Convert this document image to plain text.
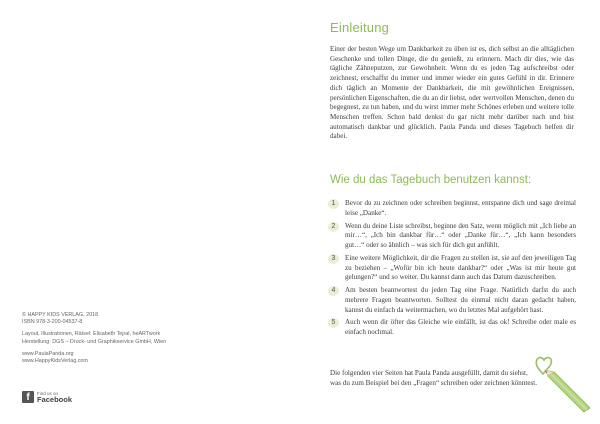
© HAPPY KIDS VERLAG, 2018

ISBN 978-3-200-04537-8

Layout, Illustrationen, Rätsel: Elisabeth Tejral, heARTwork

Herstellung: DGS – Druck- und Graphikservice GmbH, Wien

www.PaulaPanda.org

www.HappyKidsVerlag.com

f	Find us on
Facebook
Einleitung

Einer der besten Wege um Dankbarkeit zu üben ist es, dich selbst an die alltäglichen Geschenke und tollen Dinge, die du genießt, zu erinnern. Mach dir dies, wie das tägliche Zähneputzen, zur Gewohnheit. Wenn du es jeden Tag aufschreibst oder zeichnest, erschaffst du immer und immer wieder ein gutes Gefühl in dir. Erinnere dich täglich an Momente der Dankbarkeit, die mit gewöhnlichen Ereignissen, persönlichen Eigenschaften, die du an dir liebst, oder wertvollen Menschen, denen du begegnest, zu tun haben, und du wirst immer mehr Schönes erleben und weitere tolle Menschen treffen. Schon bald denkst du gar nicht mehr darüber nach und bist automatisch dankbar und glücklich. Paula Panda und dieses Tagebuch helfen dir dabei.

Wie du das Tagebuch benutzen kannst:
1	Bevor du zu zeichnen oder schreiben beginnst, entspanne dich und sage dreimal leise „Danke“.
2	Wenn du deine Liste schreibst, beginne den Satz, wenn möglich mit „Ich liebe an mir…“, „Ich bin dankbar für…“ oder „Danke für…“, „Ich kann besonders gut…“ oder so ähnlich – was sich für dich gut anfühlt.
3	Eine weitere Möglichkeit, dir die Fragen zu stellen ist, sie auf den jeweiligen Tag zu beziehen – „Wofür bin ich heute dankbar?“ oder „Was ist mir heute gut gelungen?“ und so weiter. Du kannst dann auch das Datum dazuschreiben.
4	Am besten beantwortest du jeden Tag eine Frage. Natürlich darfst du auch mehrere Fragen beantworten. Solltest du einmal nicht daran gedacht haben, kannst du einfach da weitermachen, wo du letztes Mal aufgehört hast.
5	Auch wenn dir öfter das Gleiche wie einfällt, ist das ok! Schreibe oder male es einfach nochmal.

Die folgenden vier Seiten hat Paula Panda ausgefüllt, damit du siehst, was du zum Beispiel bei den „Fragen“ schreiben oder zeichnen könntest.
